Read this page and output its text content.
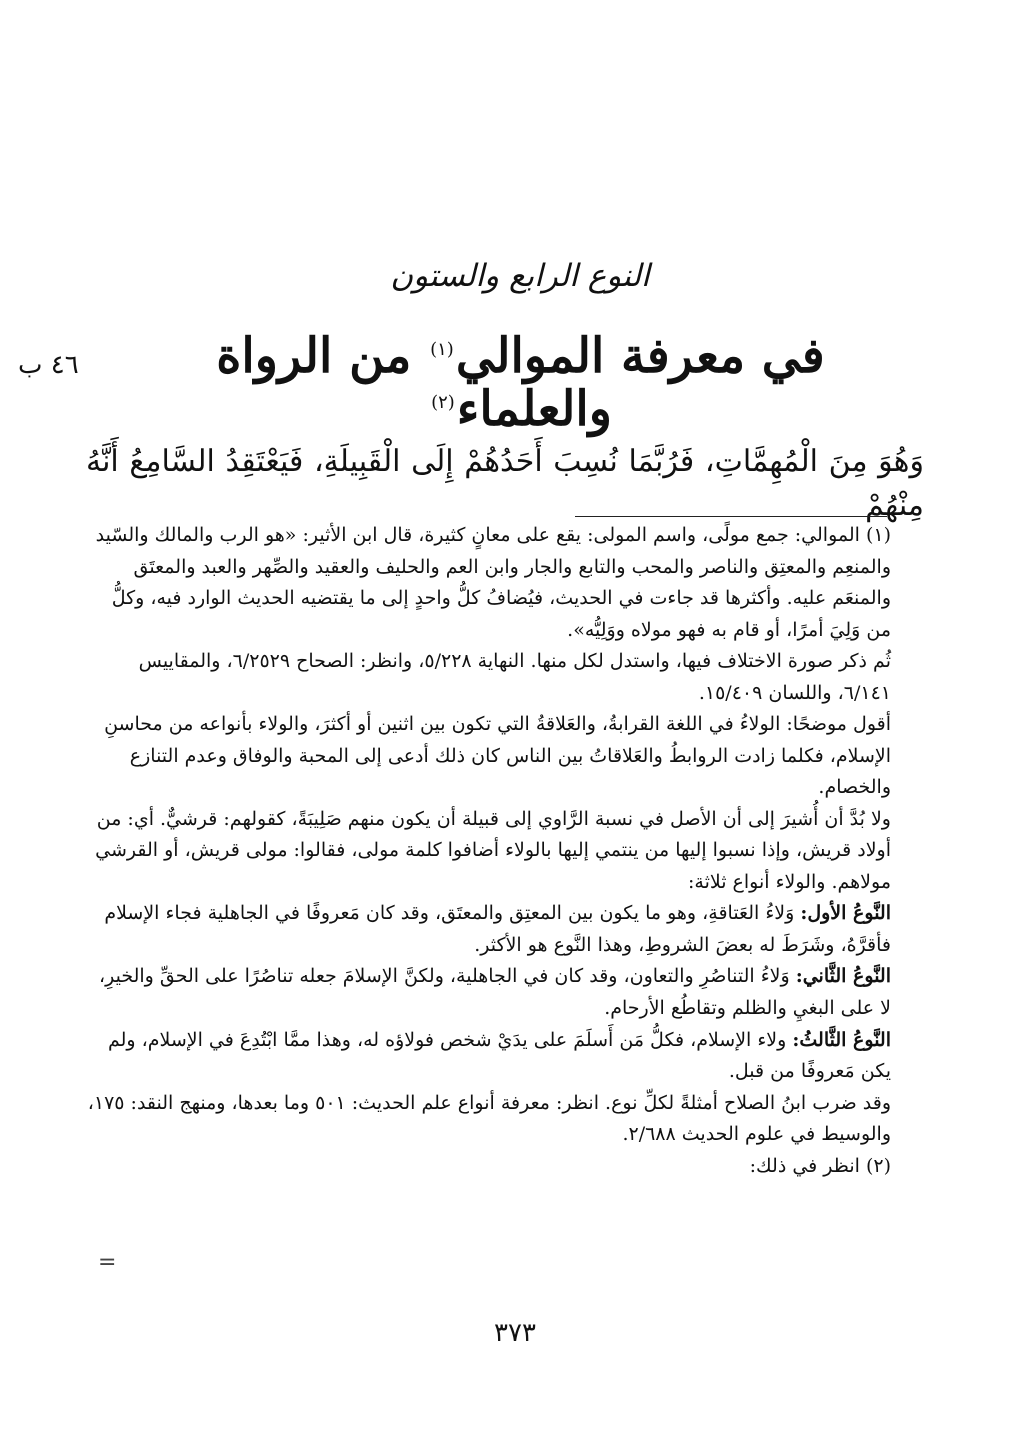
٤٦ ب
النوع الرابع والستون
في معرفة الموالي$^{(١)}$ من الرواة والعلماء$^{(٢)}$
وَهُوَ مِنَ الْمُهِمَّاتِ، فَرُبَّمَا نُسِبَ أَحَدُهُمْ إِلَى الْقَبِيلَةِ، فَيَعْتَقِدُ السَّامِعُ أَنَّهُ مِنْهُمْ

(١)الموالي: جمع مولًى، واسم المولى: يقع على معانٍ كثيرة، قال ابن الأثير: «هو الرب والمالك والسّيد والمنعِم والمعتِق والناصر والمحب والتابع والجار وابن العم والحليف والعقيد والصِّهر والعبد والمعتَق والمنعَم عليه. وأكثرها قد جاءت في الحديث، فيُضافُ كلُّ واحدٍ إلى ما يقتضيه الحديث الوارد فيه، وكلُّ من وَلِيَ أمرًا، أو قام به فهو مولاه ووَلِيُّه».

ثُم ذكر صورة الاختلاف فيها، واستدل لكل منها. النهاية ٥/٢٢٨، وانظر: الصحاح ٦/٢٥٢٩، والمقاييس ٦/١٤١، واللسان ١٥/٤٠٩.

أقول موضحًا: الولاءُ في اللغة القرابةُ، والعَلاقةُ التي تكون بين اثنين أو أكثرَ، والولاء بأنواعه من محاسنِ الإسلام، فكلما زادت الروابطُ والعَلاقاتُ بين الناس كان ذلك أدعى إلى المحبة والوفاق وعدم التنازع والخصام.

ولا بُدَّ أن أُشيرَ إلى أن الأصل في نسبة الرَّاوي إلى قبيلة أن يكون منهم صَلِيبَةً، كقولهم: قرشيٌّ. أي: من أولاد قريش، وإذا نسبوا إليها من ينتمي إليها بالولاء أضافوا كلمة مولى، فقالوا: مولى قريش، أو القرشي مولاهم. والولاء أنواع ثلاثة:

النَّوعُ الأول: وَلاءُ العَتاقةِ، وهو ما يكون بين المعتِق والمعتَق، وقد كان مَعروفًا في الجاهلية فجاء الإسلام فأقرَّهُ، وشَرَطَ له بعضَ الشروطِ، وهذا النَّوع هو الأكثر.

النَّوعُ الثَّاني: وَلاءُ التناصُرِ والتعاون، وقد كان في الجاهلية، ولكنَّ الإسلامَ جعله تناصُرًا على الحقِّ والخيرِ، لا على البغيِ والظلم وتقاطُع الأرحام.

النَّوعُ الثَّالثُ: ولاء الإسلام، فكلُّ مَن أَسلَمَ على يدَيْ شخص فولاؤه له، وهذا ممَّا ابْتُدِعَ في الإسلام، ولم يكن مَعروفًا من قبل.

وقد ضرب ابنُ الصلاح أمثلةً لكلِّ نوع. انظر: معرفة أنواع علم الحديث: ٥٠١ وما بعدها، ومنهج النقد: ١٧٥، والوسيط في علوم الحديث ٢/٦٨٨.

(٢)انظر في ذلك:

=
٣٧٣
